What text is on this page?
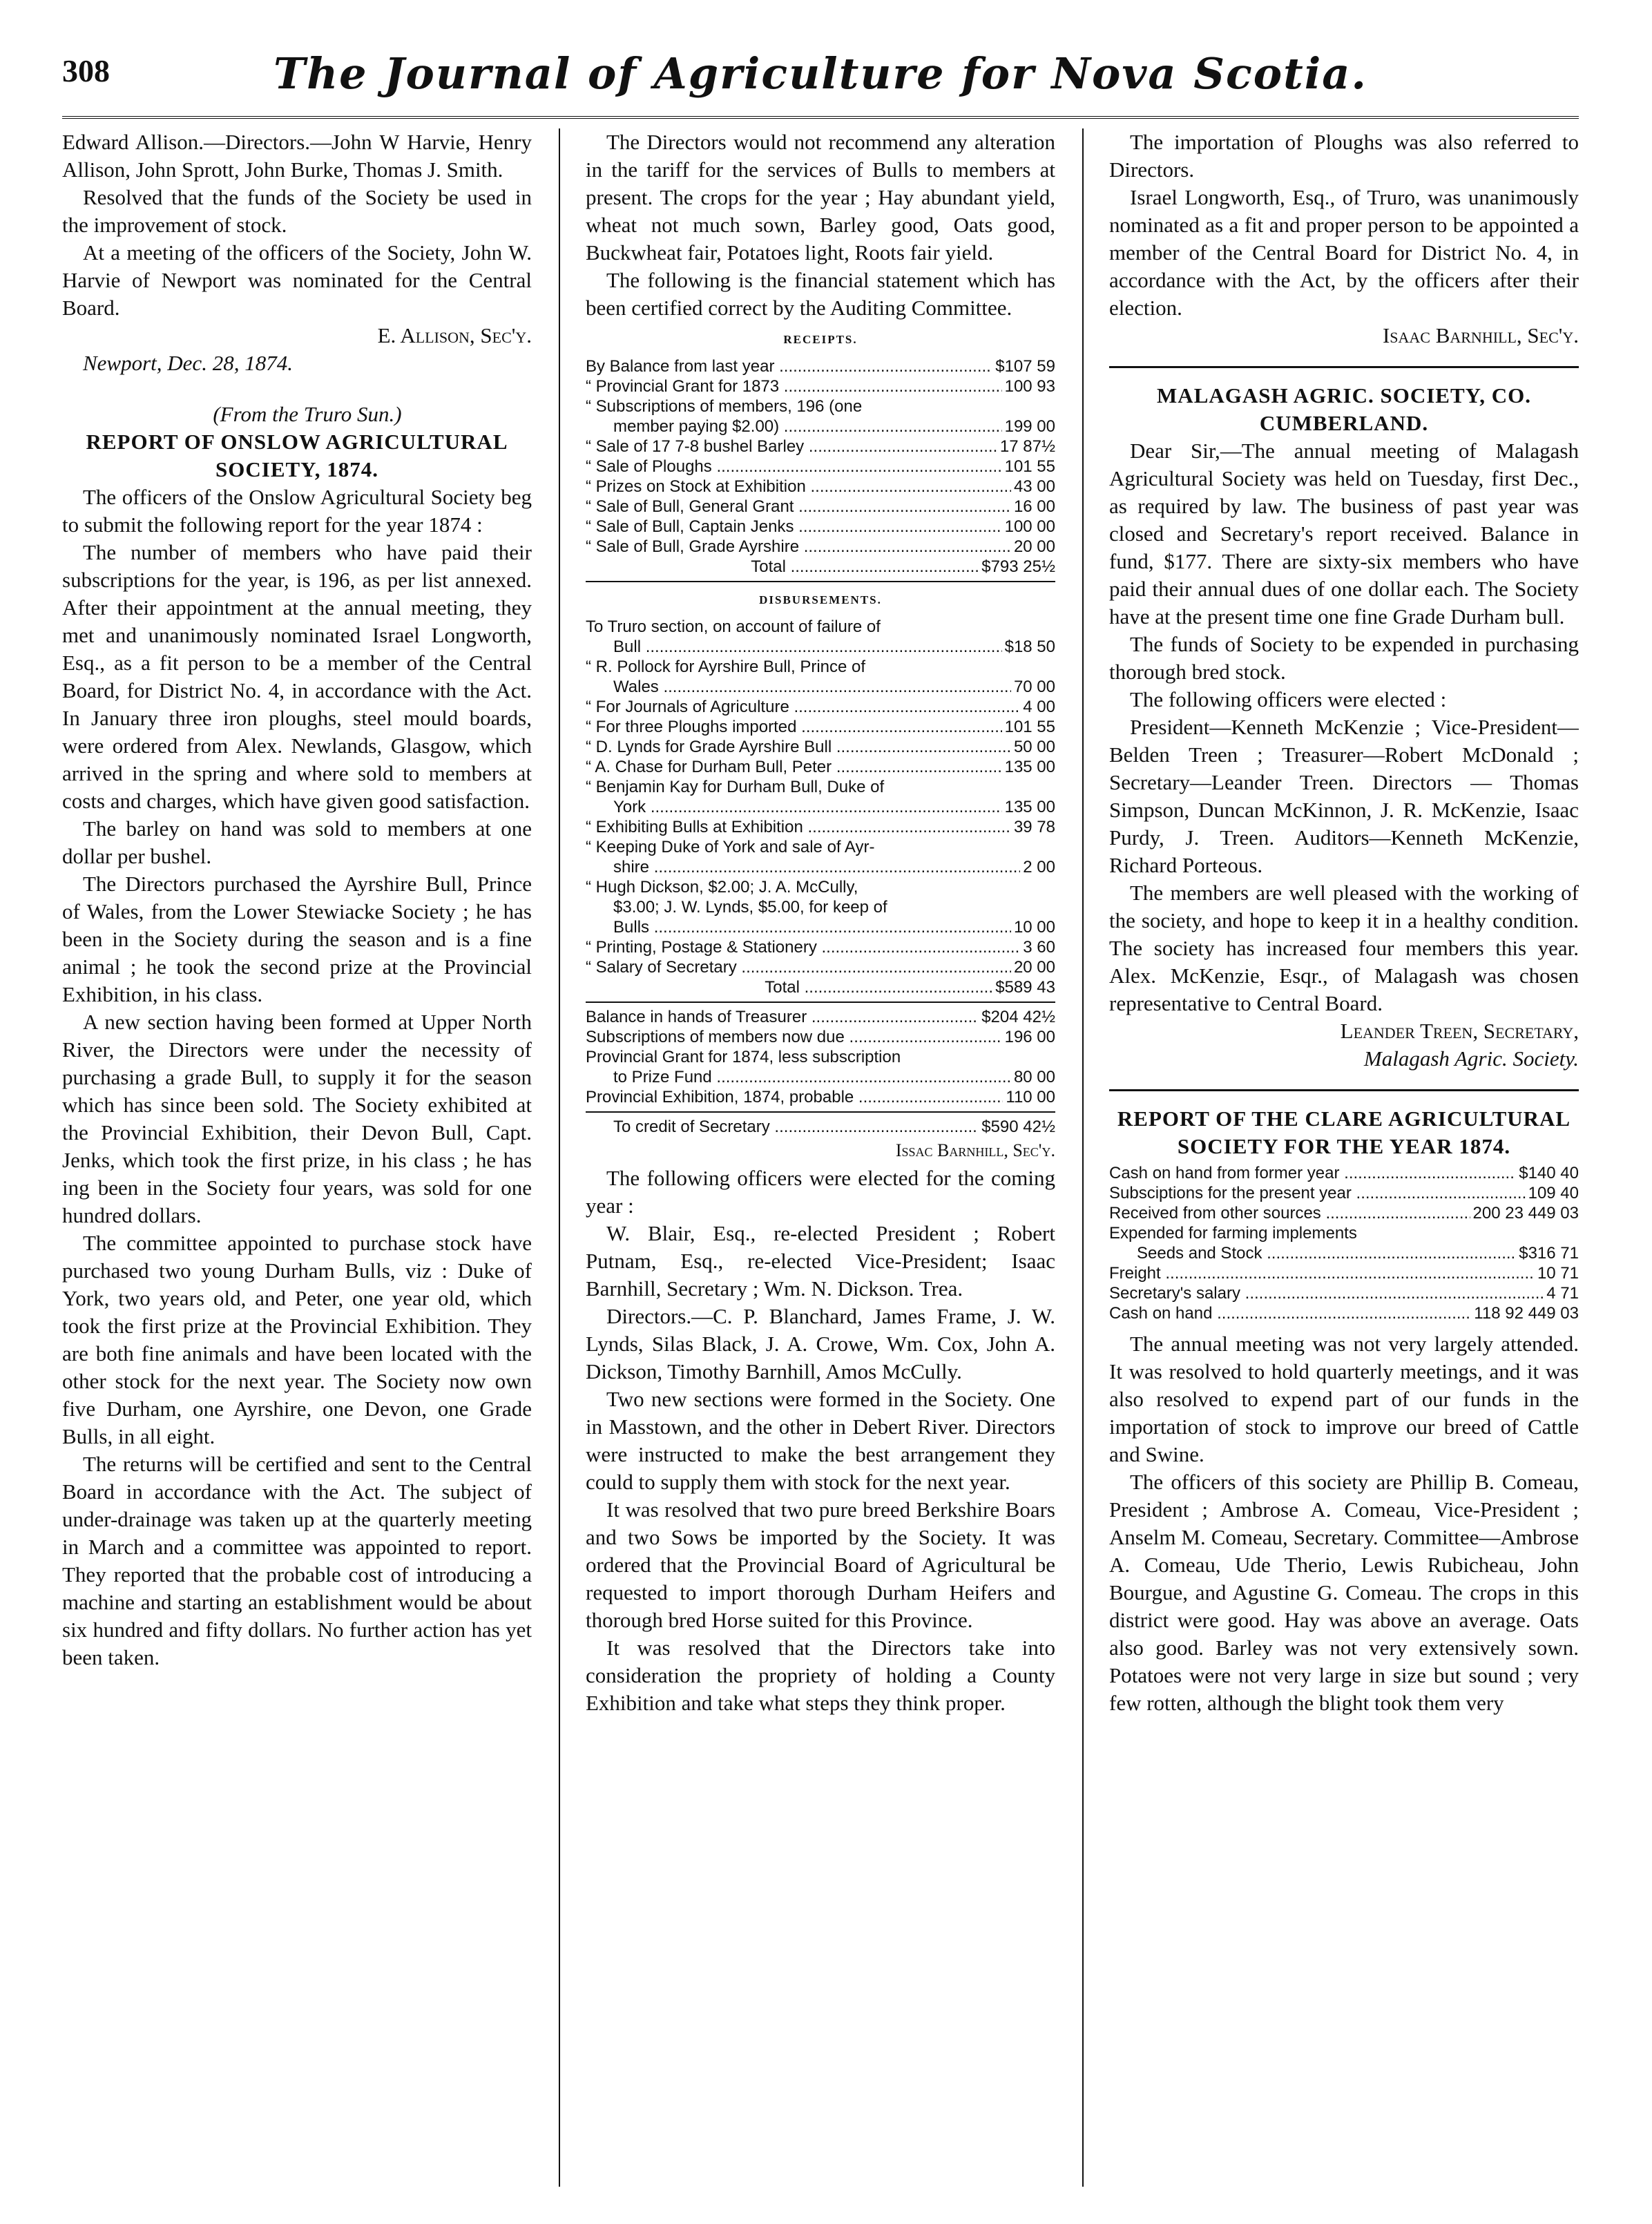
308	The Journal of Agriculture for Nova Scotia.

Edward Allison.—Directors.—John W Harvie, Henry Allison, John Sprott, John Burke, Thomas J. Smith.

Resolved that the funds of the Society be used in the improvement of stock.

At a meeting of the officers of the Society, John W. Harvie of Newport was nominated for the Central Board.

E. Allison, Sec'y.

Newport, Dec. 28, 1874.

(From the Truro Sun.)

REPORT OF ONSLOW AGRICULTURAL SOCIETY, 1874.

The officers of the Onslow Agricultural Society beg to submit the following report for the year 1874 :

The number of members who have paid their subscriptions for the year, is 196, as per list annexed. After their appointment at the annual meeting, they met and unanimously nominated Israel Longworth, Esq., as a fit person to be a member of the Central Board, for District No. 4, in accordance with the Act. In January three iron ploughs, steel mould boards, were ordered from Alex. Newlands, Glasgow, which arrived in the spring and where sold to members at costs and charges, which have given good satisfaction.

The barley on hand was sold to members at one dollar per bushel.

The Directors purchased the Ayrshire Bull, Prince of Wales, from the Lower Stewiacke Society ; he has been in the Society during the season and is a fine animal ; he took the second prize at the Provincial Exhibition, in his class.

A new section having been formed at Upper North River, the Directors were under the necessity of purchasing a grade Bull, to supply it for the season which has since been sold. The Society exhibited at the Provincial Exhibition, their Devon Bull, Capt. Jenks, which took the first prize, in his class ; he has ing been in the Society four years, was sold for one hundred dollars.

The committee appointed to purchase stock have purchased two young Durham Bulls, viz : Duke of York, two years old, and Peter, one year old, which took the first prize at the Provincial Exhibition. They are both fine animals and have been located with the other stock for the next year. The Society now own five Durham, one Ayrshire, one Devon, one Grade Bulls, in all eight.

The returns will be certified and sent to the Central Board in accordance with the Act. The subject of under-drainage was taken up at the quarterly meeting in March and a committee was appointed to report. They reported that the probable cost of introducing a machine and starting an establishment would be about six hundred and fifty dollars. No further action has yet been taken.

The Directors would not recommend any alteration in the tariff for the services of Bulls to members at present. The crops for the year ; Hay abundant yield, wheat not much sown, Barley good, Oats good, Buckwheat fair, Potatoes light, Roots fair yield.

The following is the financial statement which has been certified correct by the Auditing Committee.

RECEIPTS.
By Balance from last year .....	$107 59
“ Provincial Grant for 1873 .....	100 93
“ Subscriptions of members, 196 (one
member paying $2.00) .....	199 00
“ Sale of 17 7-8 bushel Barley .....	17 87½
“ Sale of Ploughs .....	101 55
“ Prizes on Stock at Exhibition .....	43 00
“ Sale of Bull, General Grant .....	16 00
“ Sale of Bull, Captain Jenks .....	100 00
“ Sale of Bull, Grade Ayrshire .....	20 00
Total .....	$793 25½
DISBURSEMENTS.
To Truro section, on account of failure of
Bull .....	$18 50
“ R. Pollock for Ayrshire Bull, Prince of
Wales .....	70 00
“ For Journals of Agriculture .....	4 00
“ For three Ploughs imported .....	101 55
“ D. Lynds for Grade Ayrshire Bull .....	50 00
“ A. Chase for Durham Bull, Peter .....	135 00
“ Benjamin Kay for Durham Bull, Duke of
York .....	135 00
“ Exhibiting Bulls at Exhibition .....	39 78
“ Keeping Duke of York and sale of Ayr-
shire .....	2 00
“ Hugh Dickson, $2.00; J. A. McCully,
$3.00; J. W. Lynds, $5.00, for keep of
Bulls .....	10 00
“ Printing, Postage & Stationery .....	3 60
“ Salary of Secretary .....	20 00
Total .....	$589 43
Balance in hands of Treasurer .....	$204 42½
Subscriptions of members now due .....	196 00
Provincial Grant for 1874, less subscription
to Prize Fund .....	80 00
Provincial Exhibition, 1874, probable .....	110 00
To credit of Secretary .....	$590 42½

Issac Barnhill, Sec'y.

The following officers were elected for the coming year :

W. Blair, Esq., re-elected President ; Robert Putnam, Esq., re-elected Vice-President; Isaac Barnhill, Secretary ; Wm. N. Dickson. Trea.

Directors.—C. P. Blanchard, James Frame, J. W. Lynds, Silas Black, J. A. Crowe, Wm. Cox, John A. Dickson, Timothy Barnhill, Amos McCully.

Two new sections were formed in the Society. One in Masstown, and the other in Debert River. Directors were instructed to make the best arrangement they could to supply them with stock for the next year.

It was resolved that two pure breed Berkshire Boars and two Sows be imported by the Society. It was ordered that the Provincial Board of Agricultural be requested to import thorough Durham Heifers and thorough bred Horse suited for this Province.

It was resolved that the Directors take into consideration the propriety of holding a County Exhibition and take what steps they think proper.

The importation of Ploughs was also referred to Directors.

Israel Longworth, Esq., of Truro, was unanimously nominated as a fit and proper person to be appointed a member of the Central Board for District No. 4, in accordance with the Act, by the officers after their election.

Isaac Barnhill, Sec'y.

MALAGASH AGRIC. SOCIETY, CO. CUMBERLAND.

Dear Sir,—The annual meeting of Malagash Agricultural Society was held on Tuesday, first Dec., as required by law. The business of past year was closed and Secretary's report received. Balance in fund, $177. There are sixty-six members who have paid their annual dues of one dollar each. The Society have at the present time one fine Grade Durham bull.

The funds of Society to be expended in purchasing thorough bred stock.

The following officers were elected :

President—Kenneth McKenzie ; Vice-President—Belden Treen ; Treasurer—Robert McDonald ; Secretary—Leander Treen. Directors — Thomas Simpson, Duncan McKinnon, J. R. McKenzie, Isaac Purdy, J. Treen. Auditors—Kenneth McKenzie, Richard Porteous.

The members are well pleased with the working of the society, and hope to keep it in a healthy condition. The society has increased four members this year. Alex. McKenzie, Esqr., of Malagash was chosen representative to Central Board.

Leander Treen, Secretary,

Malagash Agric. Society.

REPORT OF THE CLARE AGRICULTURAL SOCIETY FOR THE YEAR 1874.
Cash on hand from former year .....	$140 40
Subsciptions for the present year .....	109 40
Received from other sources .....	200 23 449 03
Expended for farming implements
Seeds and Stock .....	$316 71
Freight .....	10 71
Secretary's salary .....	4 71
Cash on hand .....	118 92 449 03

The annual meeting was not very largely attended. It was resolved to hold quarterly meetings, and it was also resolved to expend part of our funds in the importation of stock to improve our breed of Cattle and Swine.

The officers of this society are Phillip B. Comeau, President ; Ambrose A. Comeau, Vice-President ; Anselm M. Comeau, Secretary. Committee—Ambrose A. Comeau, Ude Therio, Lewis Rubicheau, John Bourgue, and Agustine G. Comeau. The crops in this district were good. Hay was above an average. Oats also good. Barley was not very extensively sown. Potatoes were not very large in size but sound ; very few rotten, although the blight took them very
